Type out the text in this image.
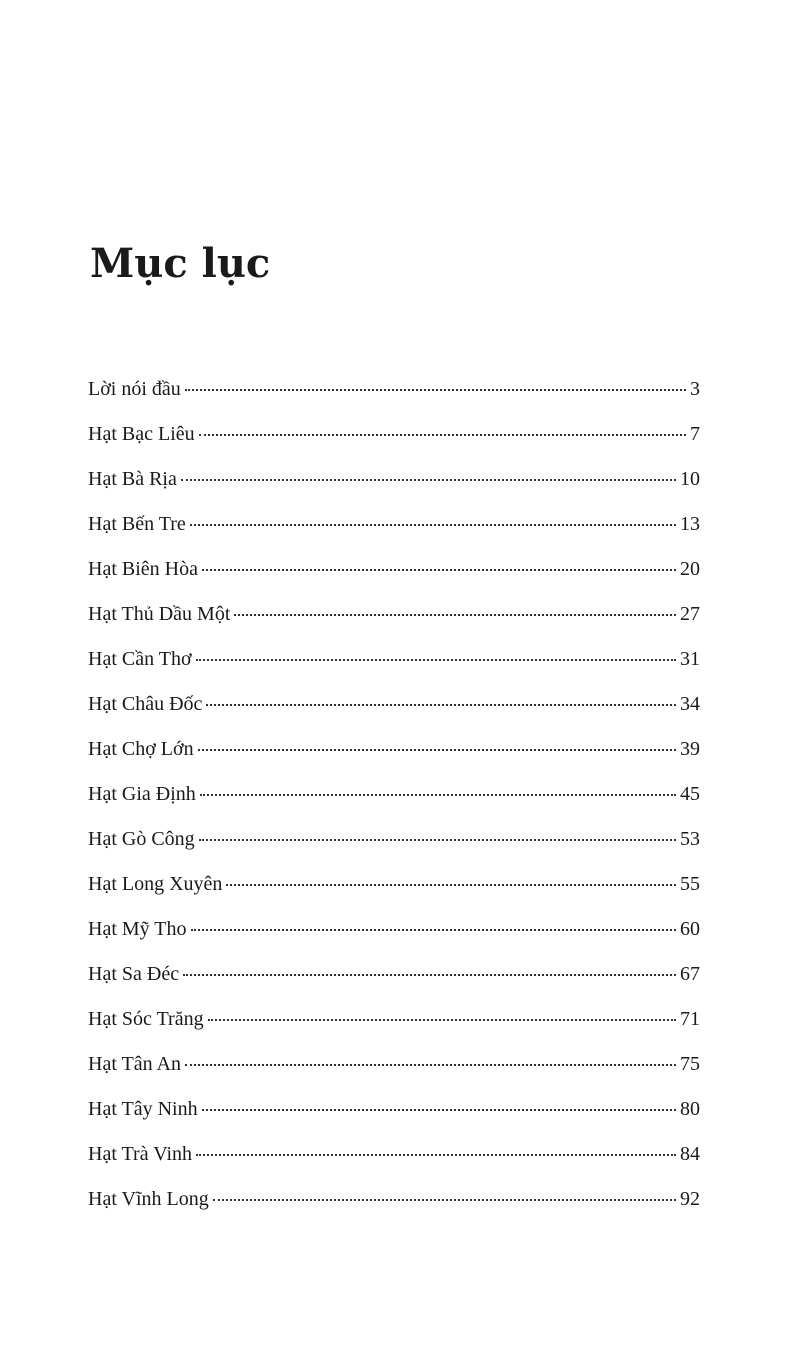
Mục lục
Lời nói đầu	3
Hạt Bạc Liêu	7
Hạt Bà Rịa	10
Hạt Bến Tre	13
Hạt Biên Hòa	20
Hạt Thủ Dầu Một	27
Hạt Cần Thơ	31
Hạt Châu Đốc	34
Hạt Chợ Lớn	39
Hạt Gia Định	45
Hạt Gò Công	53
Hạt Long Xuyên	55
Hạt Mỹ Tho	60
Hạt Sa Đéc	67
Hạt Sóc Trăng	71
Hạt Tân An	75
Hạt Tây Ninh	80
Hạt Trà Vinh	84
Hạt Vĩnh Long	92
